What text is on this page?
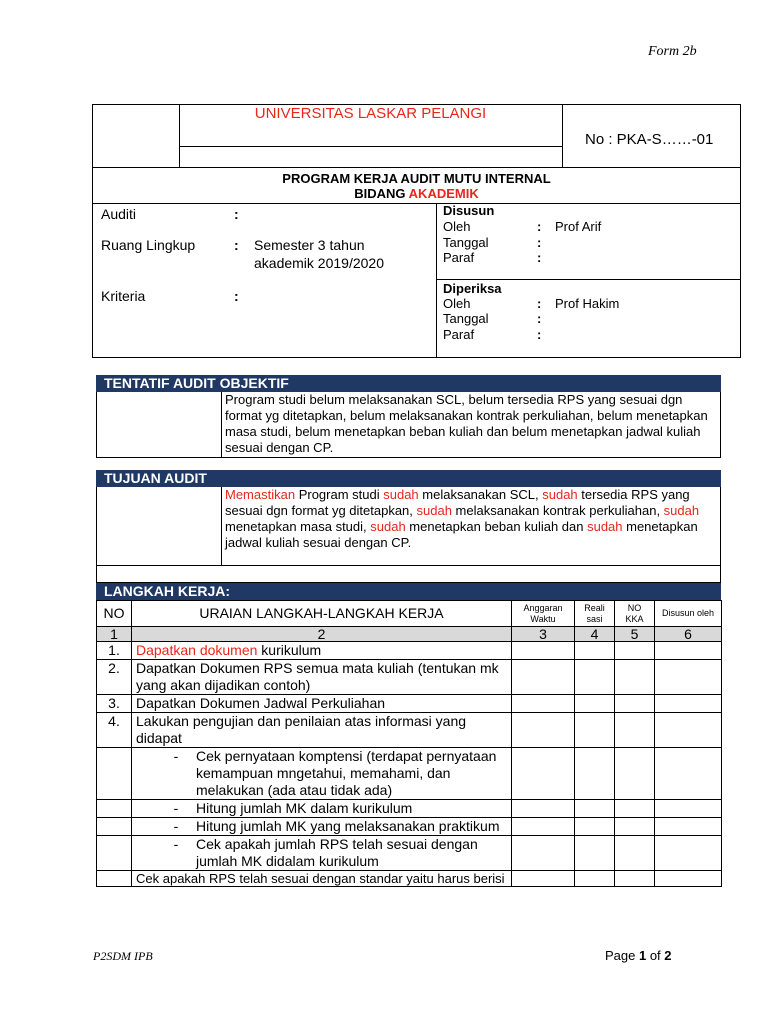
Form 2b
UNIVERSITAS LASKAR PELANGI
No : PKA-S……-01
PROGRAM KERJA AUDIT MUTU INTERNAL
BIDANG AKADEMIK
Auditi	:
Ruang Lingkup	: Semester 3 tahun
akademik 2019/2020
Kriteria	:
Disusun
Oleh	: Prof Arif
Tanggal	:
Paraf	:
Diperiksa
Oleh	: Prof Hakim
Tanggal	:
Paraf	:
TENTATIF AUDIT OBJEKTIF
Program studi belum melaksanakan SCL, belum tersedia RPS yang sesuai dgn format yg ditetapkan, belum melaksanakan kontrak perkuliahan, belum menetapkan masa studi, belum menetapkan beban kuliah dan belum menetapkan jadwal kuliah sesuai dengan CP.
TUJUAN AUDIT
Memastikan Program studi sudah melaksanakan SCL, sudah tersedia RPS yang sesuai dgn format yg ditetapkan, sudah melaksanakan kontrak perkuliahan, sudah menetapkan masa studi, sudah menetapkan beban kuliah dan sudah menetapkan jadwal kuliah sesuai dengan CP.
LANGKAH KERJA:
NO	URAIAN LANGKAH-LANGKAH KERJA	Anggaran Waktu	Reali sasi	NO KKA	Disusun oleh
1	2	3	4	5	6
1.	Dapatkan dokumen kurikulum				
2.	Dapatkan Dokumen RPS semua mata kuliah (tentukan mk yang akan dijadikan contoh)				
3.	Dapatkan Dokumen Jadwal Perkuliahan				
4.	Lakukan pengujian dan penilaian atas informasi yang didapat				

	- Cek pernyataan komptensi (terdapat pernyataan kemampuan mngetahui, memahami, dan melakukan (ada atau tidak ada)				

	- Hitung jumlah MK dalam kurikulum				

	- Hitung jumlah MK yang melaksanakan praktikum				

	- Cek apakah jumlah RPS telah sesuai dengan jumlah MK didalam kurikulum				

	Cek apakah RPS telah sesuai dengan standar yaitu harus berisi				
P2SDM IPB	Page 1 of 2
